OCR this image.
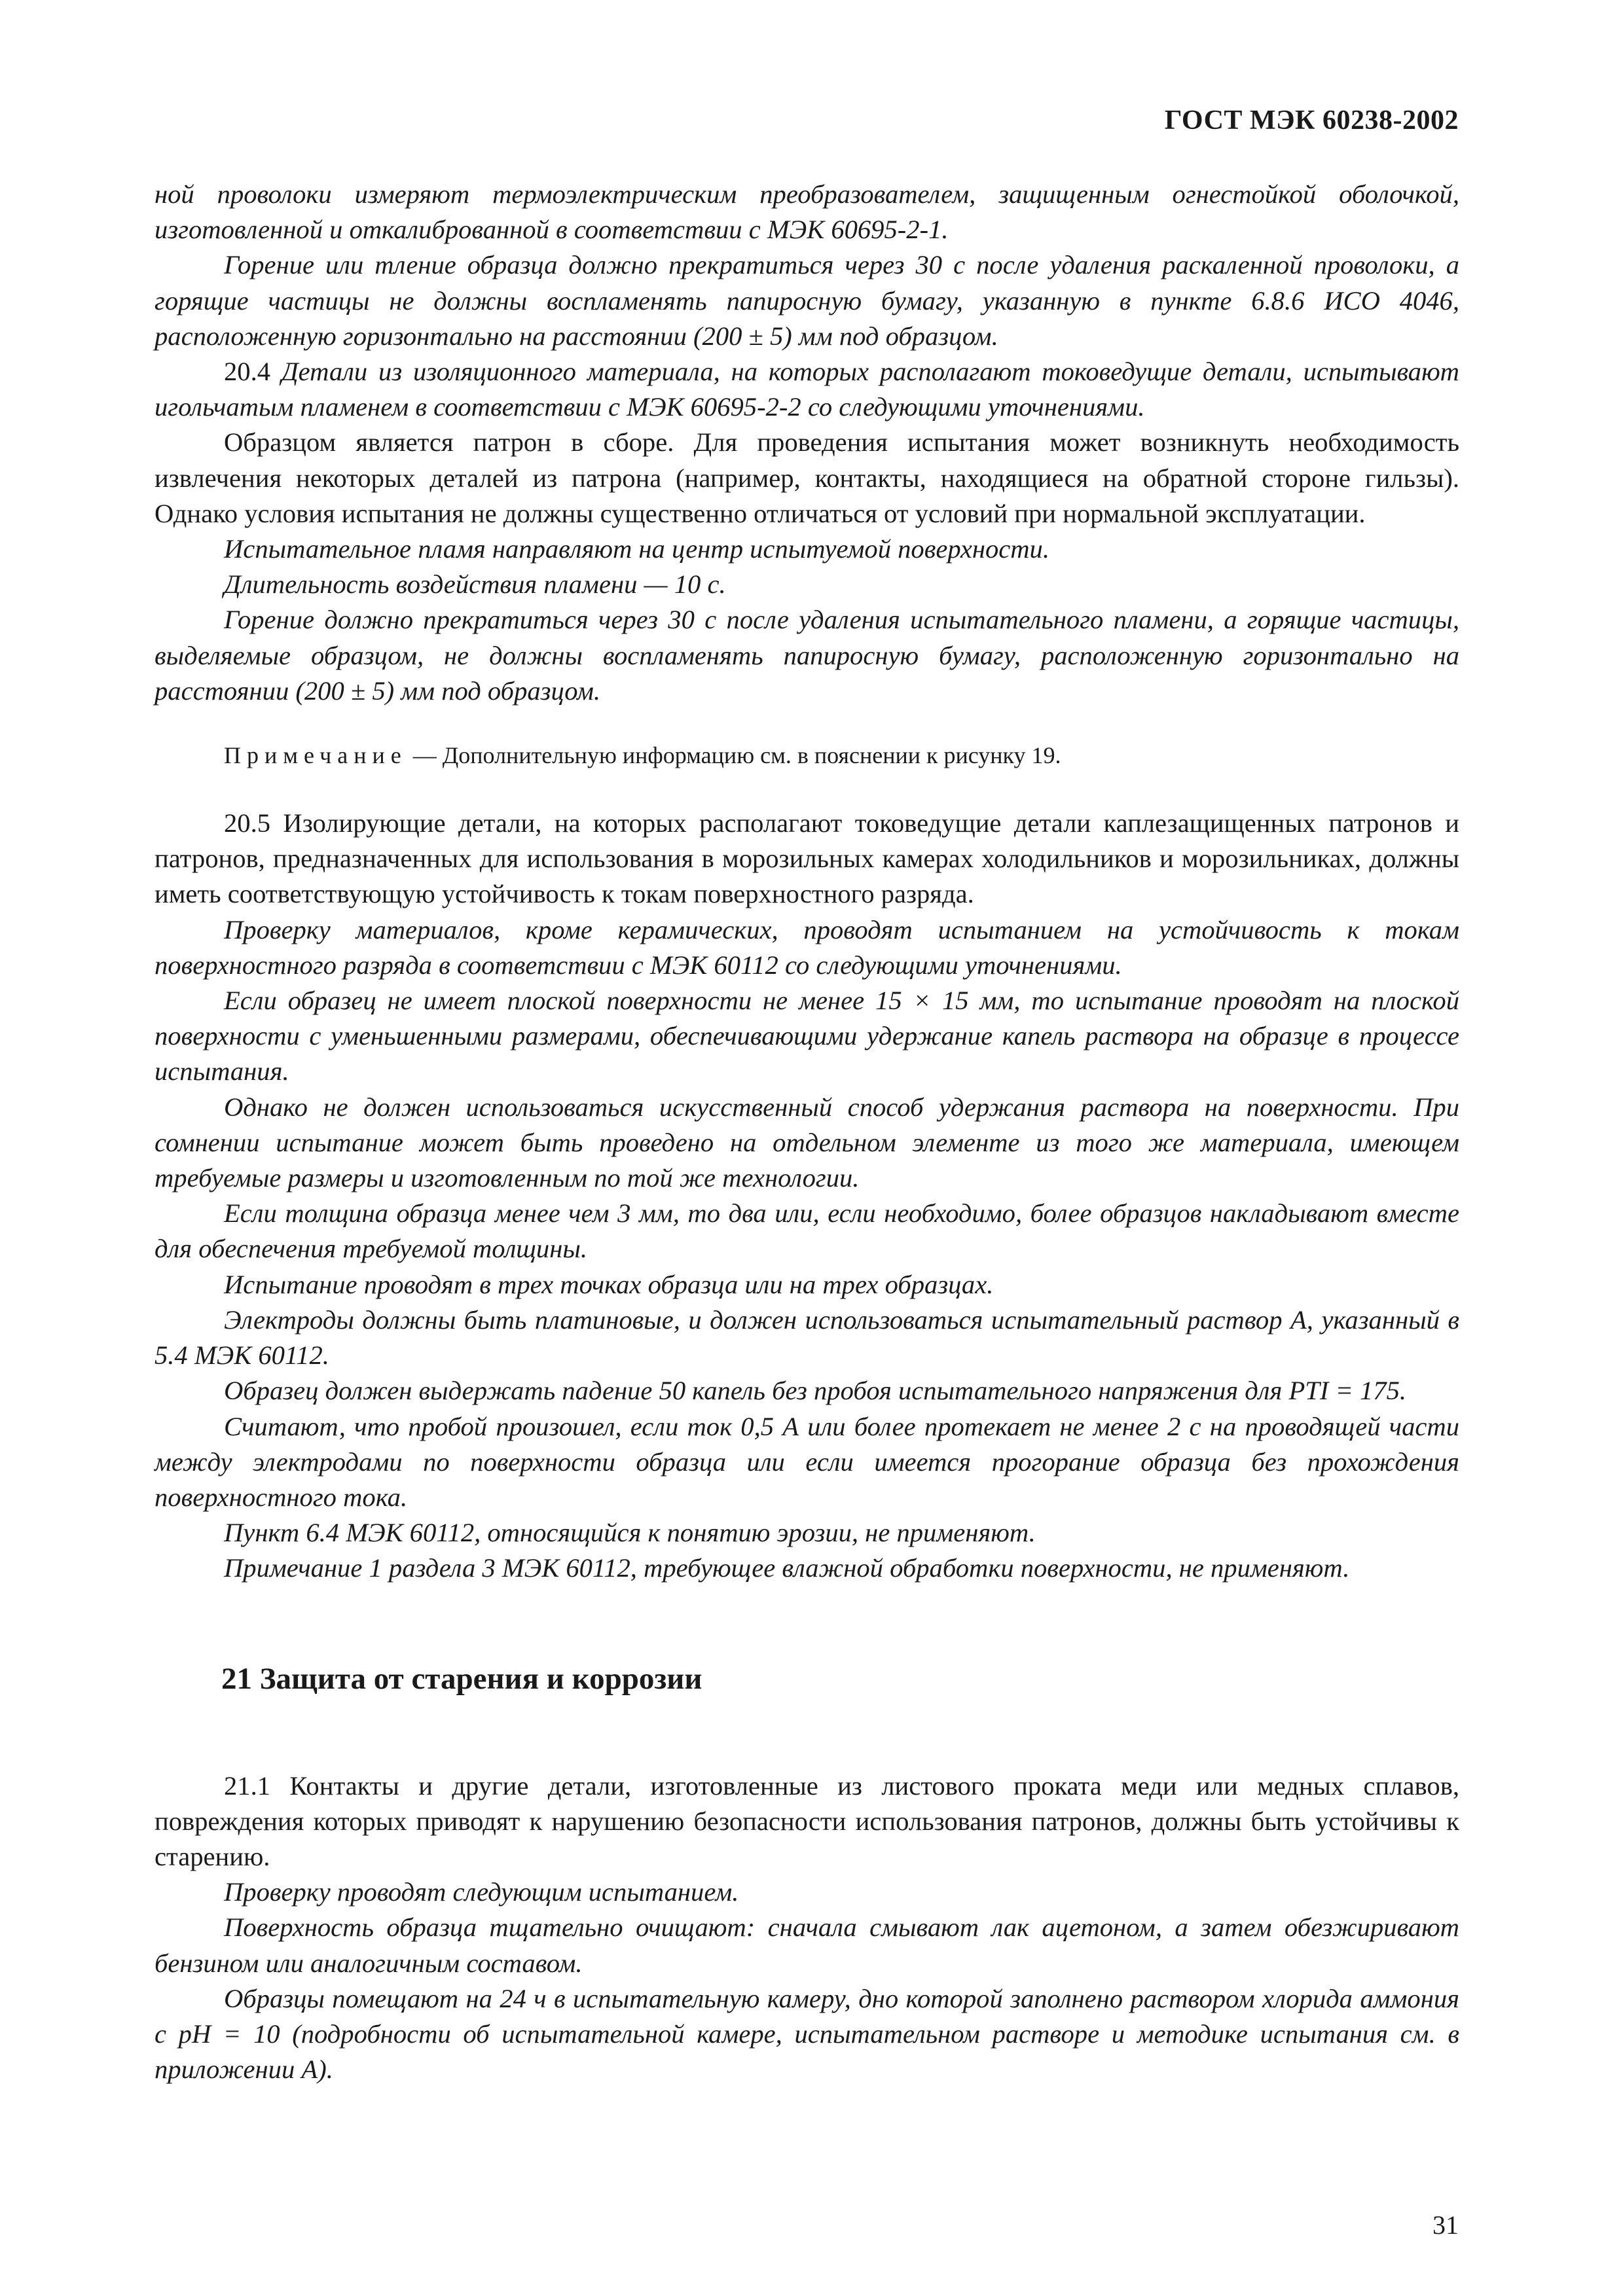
ГОСТ МЭК 60238-2002

ной проволоки измеряют термоэлектрическим преобразователем, защищенным огнестойкой оболочкой, изготовленной и откалиброванной в соответствии с МЭК 60695-2-1.

Горение или тление образца должно прекратиться через 30 с после удаления раскаленной проволоки, а горящие частицы не должны воспламенять папиросную бумагу, указанную в пункте 6.8.6 ИСО 4046, расположенную горизонтально на расстоянии (200 ± 5) мм под образцом.

20.4 Детали из изоляционного материала, на которых располагают токоведущие детали, испытывают игольчатым пламенем в соответствии с МЭК 60695-2-2 со следующими уточнениями.

Образцом является патрон в сборе. Для проведения испытания может возникнуть необходимость извлечения некоторых деталей из патрона (например, контакты, находящиеся на обратной стороне гильзы). Однако условия испытания не должны существенно отличаться от условий при нормальной эксплуатации.

Испытательное пламя направляют на центр испытуемой поверхности.

Длительность воздействия пламени — 10 с.

Горение должно прекратиться через 30 с после удаления испытательного пламени, а горящие частицы, выделяемые образцом, не должны воспламенять папиросную бумагу, расположенную горизонтально на расстоянии (200 ± 5) мм под образцом.

Примечание — Дополнительную информацию см. в пояснении к рисунку 19.

20.5 Изолирующие детали, на которых располагают токоведущие детали каплезащищенных патронов и патронов, предназначенных для использования в морозильных камерах холодильников и морозильниках, должны иметь соответствующую устойчивость к токам поверхностного разряда.

Проверку материалов, кроме керамических, проводят испытанием на устойчивость к токам поверхностного разряда в соответствии с МЭК 60112 со следующими уточнениями.

Если образец не имеет плоской поверхности не менее 15 × 15 мм, то испытание проводят на плоской поверхности с уменьшенными размерами, обеспечивающими удержание капель раствора на образце в процессе испытания.

Однако не должен использоваться искусственный способ удержания раствора на поверхности. При сомнении испытание может быть проведено на отдельном элементе из того же материала, имеющем требуемые размеры и изготовленным по той же технологии.

Если толщина образца менее чем 3 мм, то два или, если необходимо, более образцов накладывают вместе для обеспечения требуемой толщины.

Испытание проводят в трех точках образца или на трех образцах.

Электроды должны быть платиновые, и должен использоваться испытательный раствор А, указанный в 5.4 МЭК 60112.

Образец должен выдержать падение 50 капель без пробоя испытательного напряжения для PTI = 175.

Считают, что пробой произошел, если ток 0,5 А или более протекает не менее 2 с на проводящей части между электродами по поверхности образца или если имеется прогорание образца без прохождения поверхностного тока.

Пункт 6.4 МЭК 60112, относящийся к понятию эрозии, не применяют.

Примечание 1 раздела 3 МЭК 60112, требующее влажной обработки поверхности, не применяют.

21 Защита от старения и коррозии

21.1 Контакты и другие детали, изготовленные из листового проката меди или медных сплавов, повреждения которых приводят к нарушению безопасности использования патронов, должны быть устойчивы к старению.

Проверку проводят следующим испытанием.

Поверхность образца тщательно очищают: сначала смывают лак ацетоном, а затем обезжиривают бензином или аналогичным составом.

Образцы помещают на 24 ч в испытательную камеру, дно которой заполнено раствором хлорида аммония с pH = 10 (подробности об испытательной камере, испытательном растворе и методике испытания см. в приложении А).

31
